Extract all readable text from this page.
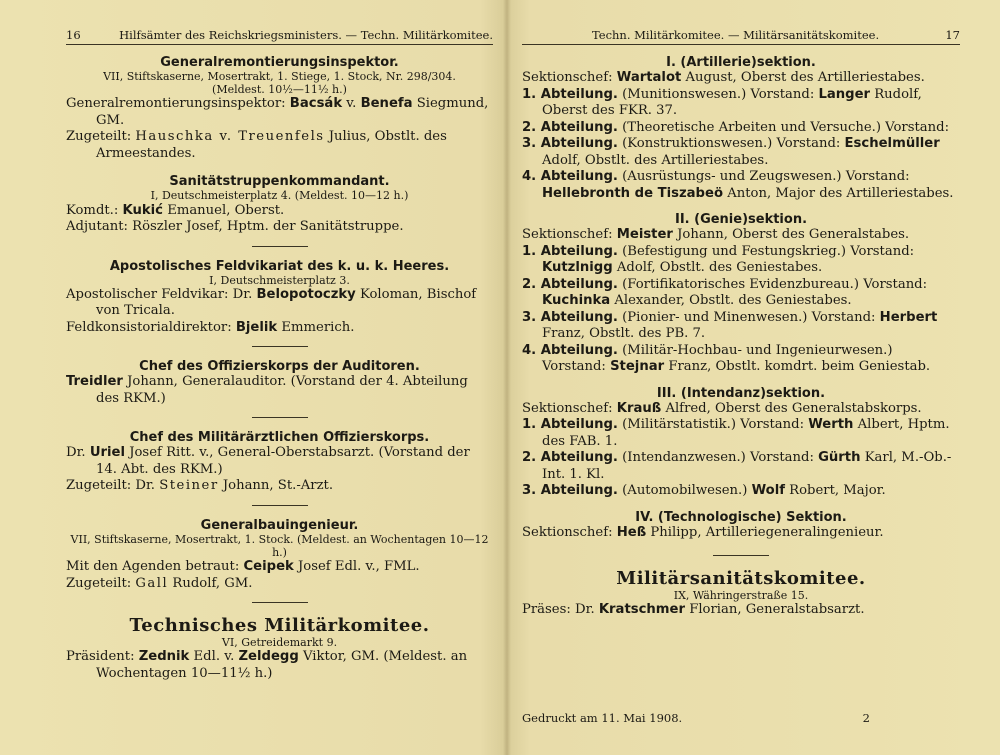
16	Hilfsämter des Reichskriegsministers. — Techn. Militärkomitee.
Generalremontierungsinspektor.
VII, Stiftskaserne, Mosertrakt, 1. Stiege, 1. Stock, Nr. 298/304.
(Meldest. 10½—11½ h.)
Generalremontierungsinspektor: Bacsák v. Benefa Siegmund, GM.
Zugeteilt: Hauschka v. Treuenfels Julius, Obstlt. des Armeestandes.
Sanitätstruppenkommandant.
I, Deutschmeisterplatz 4. (Meldest. 10—12 h.)
Komdt.: Kukić Emanuel, Oberst.
Adjutant: Röszler Josef, Hptm. der Sanitätstruppe.
Apostolisches Feldvikariat des k. u. k. Heeres.
I, Deutschmeisterplatz 3.
Apostolischer Feldvikar: Dr. Belopotoczky Koloman, Bischof von Tricala.
Feldkonsistorialdirektor: Bjelik Emmerich.
Chef des Offizierskorps der Auditoren.
Treidler Johann, Generalauditor. (Vorstand der 4. Abteilung des RKM.)
Chef des Militärärztlichen Offizierskorps.
Dr. Uriel Josef Ritt. v., General-Oberstabsarzt. (Vorstand der 14. Abt. des RKM.)
Zugeteilt: Dr. Steiner Johann, St.-Arzt.
Generalbauingenieur.
VII, Stiftskaserne, Mosertrakt, 1. Stock. (Meldest. an Wochentagen 10—12 h.)
Mit den Agenden betraut: Ceipek Josef Edl. v., FML.
Zugeteilt: Gall Rudolf, GM.
Technisches Militärkomitee.
VI, Getreidemarkt 9.
Präsident: Zednik Edl. v. Zeldegg Viktor, GM. (Meldest. an Wochentagen 10—11½ h.)
Techn. Militärkomitee. — Militärsanitätskomitee.	17
I. (Artillerie)sektion.
Sektionschef: Wartalot August, Oberst des Artilleriestabes.
1. Abteilung. (Munitionswesen.) Vorstand: Langer Rudolf, Oberst des FKR. 37.
2. Abteilung. (Theoretische Arbeiten und Versuche.) Vorstand:
3. Abteilung. (Konstruktionswesen.) Vorstand: Eschelmüller Adolf, Obstlt. des Artilleriestabes.
4. Abteilung. (Ausrüstungs- und Zeugswesen.) Vorstand: Hellebronth de Tiszabeö Anton, Major des Artilleriestabes.
II. (Genie)sektion.
Sektionschef: Meister Johann, Oberst des Generalstabes.
1. Abteilung. (Befestigung und Festungskrieg.) Vorstand: Kutzlnigg Adolf, Obstlt. des Geniestabes.
2. Abteilung. (Fortifikatorisches Evidenzbureau.) Vorstand: Kuchinka Alexander, Obstlt. des Geniestabes.
3. Abteilung. (Pionier- und Minenwesen.) Vorstand: Herbert Franz, Obstlt. des PB. 7.
4. Abteilung. (Militär-Hochbau- und Ingenieurwesen.) Vorstand: Stejnar Franz, Obstlt. komdrt. beim Geniestab.
III. (Intendanz)sektion.
Sektionschef: Krauß Alfred, Oberst des Generalstabskorps.
1. Abteilung. (Militärstatistik.) Vorstand: Werth Albert, Hptm. des FAB. 1.
2. Abteilung. (Intendanzwesen.) Vorstand: Gürth Karl, M.-Ob.-Int. 1. Kl.
3. Abteilung. (Automobilwesen.) Wolf Robert, Major.
IV. (Technologische) Sektion.
Sektionschef: Heß Philipp, Artilleriegeneralingenieur.
Militärsanitätskomitee.
IX, Währingerstraße 15.
Präses: Dr. Kratschmer Florian, Generalstabsarzt.
Gedruckt am 11. Mai 1908.	2
